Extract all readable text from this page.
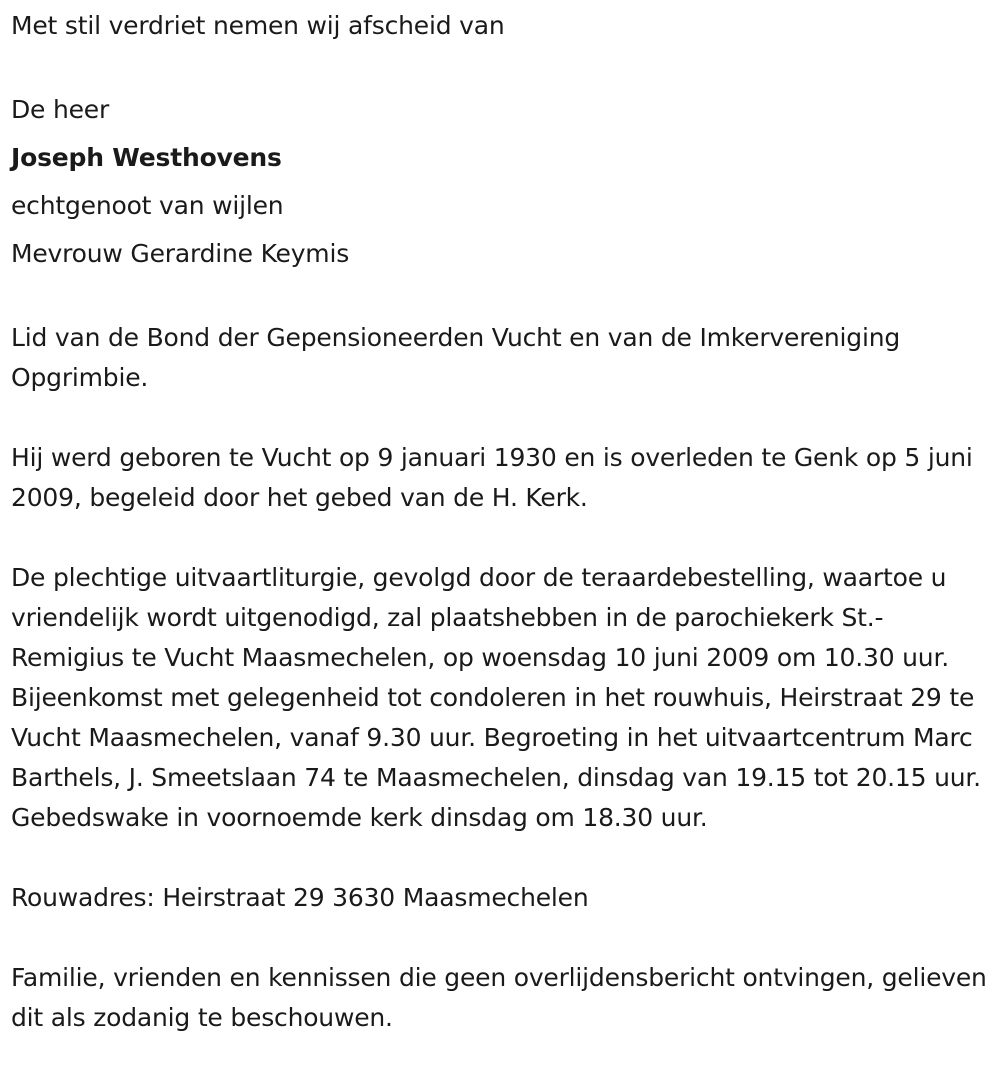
Met stil verdriet nemen wij afscheid van

De heer

Joseph Westhovens

echtgenoot van wijlen

Mevrouw Gerardine Keymis

Lid van de Bond der Gepensioneerden Vucht en van de Imkervereniging Opgrimbie.

Hij werd geboren te Vucht op 9 januari 1930 en is overleden te Genk op 5 juni 2009, begeleid door het gebed van de H. Kerk.

De plechtige uitvaartliturgie, gevolgd door de teraardebestelling, waartoe u vriendelijk wordt uitgenodigd, zal plaatshebben in de parochiekerk St.-Remigius te Vucht Maasmechelen, op woensdag 10 juni 2009 om 10.30 uur. Bijeenkomst met gelegenheid tot condoleren in het rouwhuis, Heirstraat 29 te Vucht Maasmechelen, vanaf 9.30 uur. Begroeting in het uitvaartcentrum Marc Barthels, J. Smeetslaan 74 te Maasmechelen, dinsdag van 19.15 tot 20.15 uur. Gebedswake in voornoemde kerk dinsdag om 18.30 uur.

Rouwadres: Heirstraat 29 3630 Maasmechelen

Familie, vrienden en kennissen die geen overlijdensbericht ontvingen, gelieven dit als zodanig te beschouwen.
